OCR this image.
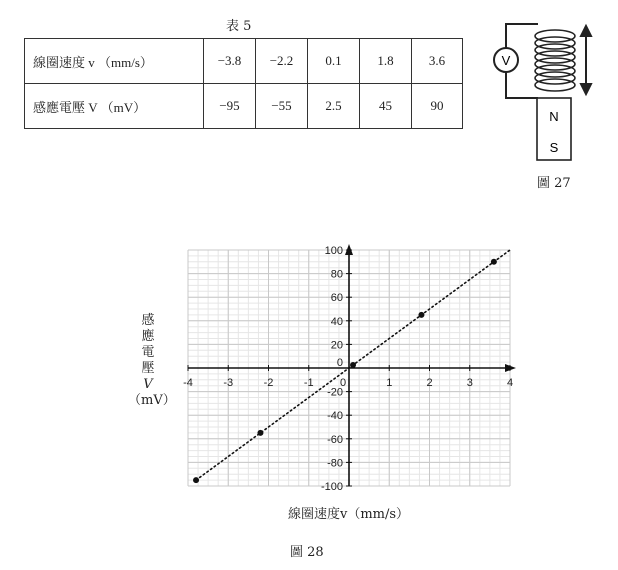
表 5
線圈速度 v （mm/s）	−3.8	−2.2	0.1	1.8	3.6
感應電壓 V （mV）	−95	−55	2.5	45	90
V
N
S
圖 27
-4	-3	-2	-1 0	1	2	3	4
-100
-80
-60
-40
-20
20
40
60
80
100
0
感
應
電
壓
V
（mV）
線圈速度v（mm/s）
圖 28
